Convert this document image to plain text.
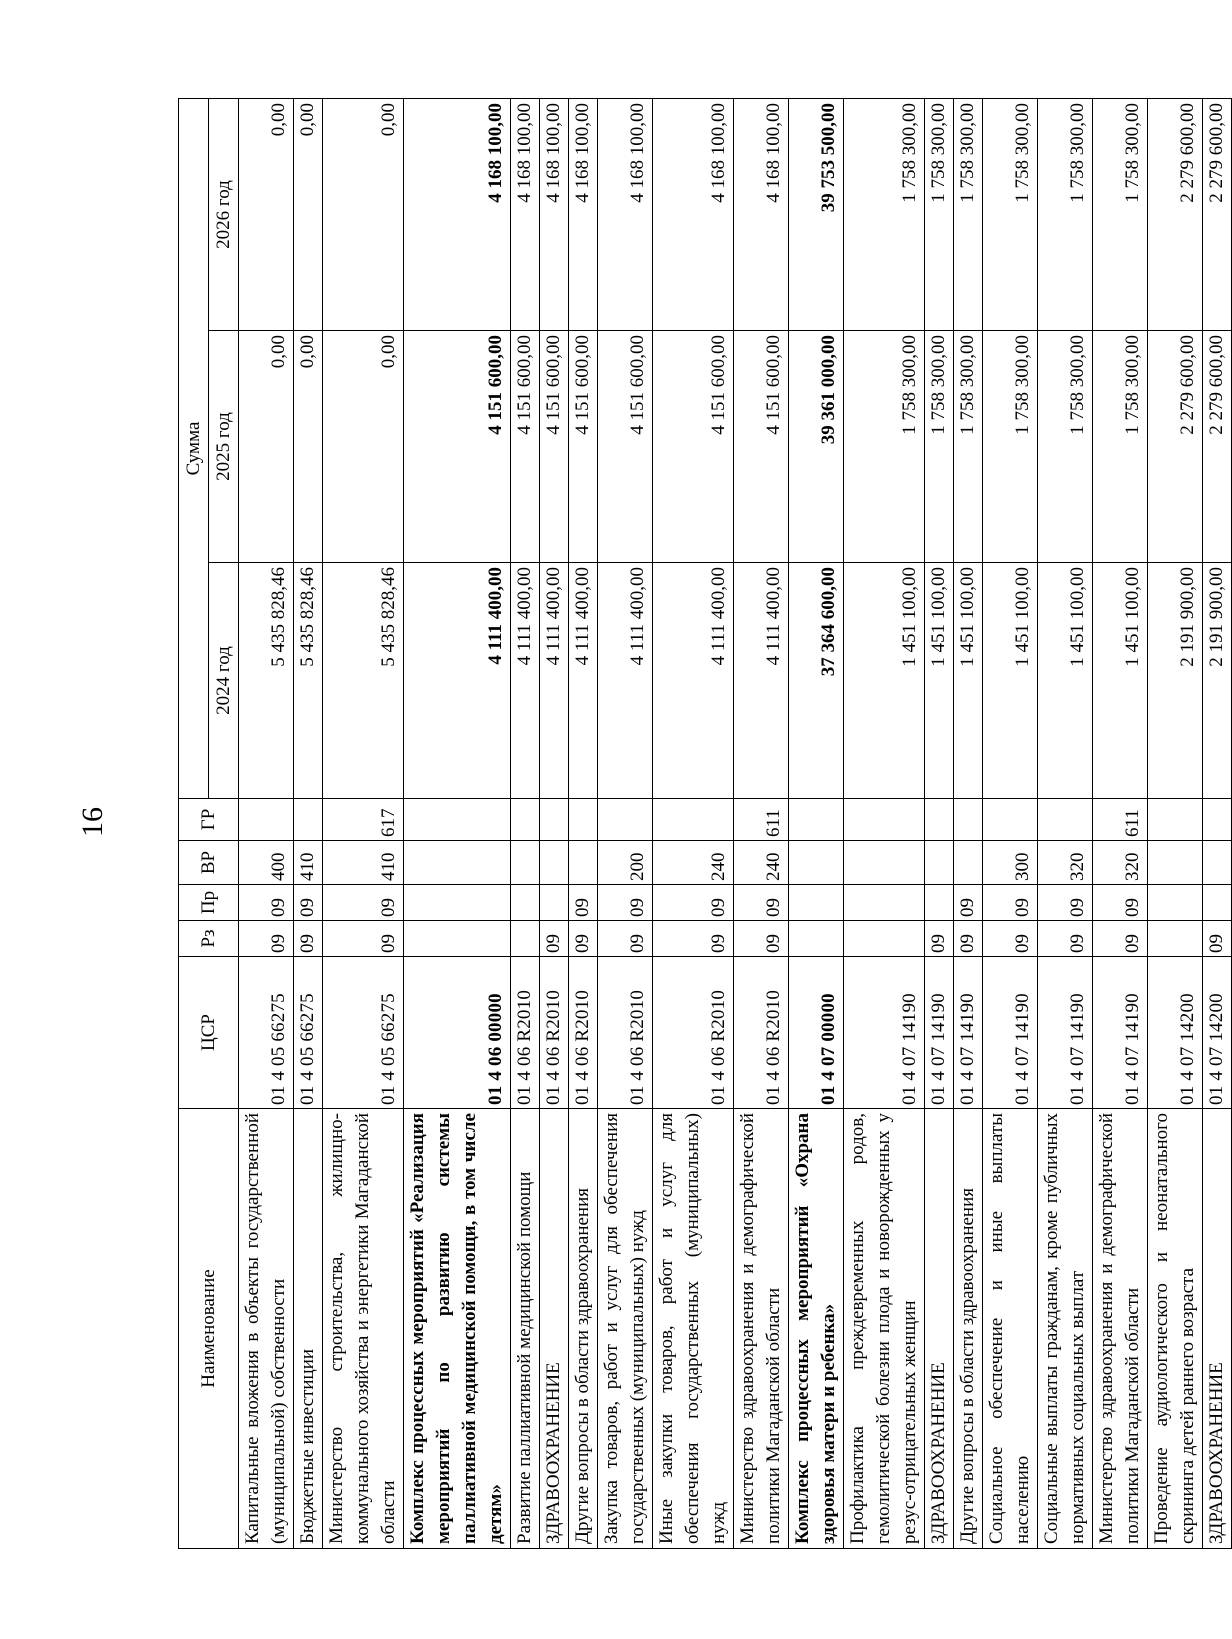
16
Наименование	ЦСР	Рз	Пр	ВР	ГР	Сумма		
						2024 год	2025 год	2026 год
Капитальные вложения в объекты государственной (муниципальной) собственности	01 4 05 66275	09	09	400		5 435 828,46	0,00	0,00
Бюджетные инвестиции	01 4 05 66275	09	09	410		5 435 828,46	0,00	0,00
Министерство строительства, жилищно-коммунального хозяйства и энергетики Магаданской области	01 4 05 66275	09	09	410	617	5 435 828,46	0,00	0,00
Комплекс процессных мероприятий «Реализация мероприятий по развитию системы паллиативной медицинской помощи, в том числе детям»	01 4 06 00000					4 111 400,00	4 151 600,00	4 168 100,00
Развитие паллиативной медицинской помощи	01 4 06 R2010					4 111 400,00	4 151 600,00	4 168 100,00
ЗДРАВООХРАНЕНИЕ	01 4 06 R2010	09				4 111 400,00	4 151 600,00	4 168 100,00
Другие вопросы в области здравоохранения	01 4 06 R2010	09	09			4 111 400,00	4 151 600,00	4 168 100,00
Закупка товаров, работ и услуг для обеспечения государственных (муниципальных) нужд	01 4 06 R2010	09	09	200		4 111 400,00	4 151 600,00	4 168 100,00
Иные закупки товаров, работ и услуг для обеспечения государственных (муниципальных) нужд	01 4 06 R2010	09	09	240		4 111 400,00	4 151 600,00	4 168 100,00
Министерство здравоохранения и демографической политики Магаданской области	01 4 06 R2010	09	09	240	611	4 111 400,00	4 151 600,00	4 168 100,00
Комплекс процессных мероприятий «Охрана здоровья матери и ребенка»	01 4 07 00000					37 364 600,00	39 361 000,00	39 753 500,00
Профилактика преждевременных родов, гемолитической болезни плода и новорожденных у резус-отрицательных женщин	01 4 07 14190					1 451 100,00	1 758 300,00	1 758 300,00
ЗДРАВООХРАНЕНИЕ	01 4 07 14190	09				1 451 100,00	1 758 300,00	1 758 300,00
Другие вопросы в области здравоохранения	01 4 07 14190	09	09			1 451 100,00	1 758 300,00	1 758 300,00
Социальное обеспечение и иные выплаты населению	01 4 07 14190	09	09	300		1 451 100,00	1 758 300,00	1 758 300,00
Социальные выплаты гражданам, кроме публичных нормативных социальных выплат	01 4 07 14190	09	09	320		1 451 100,00	1 758 300,00	1 758 300,00
Министерство здравоохранения и демографической политики Магаданской области	01 4 07 14190	09	09	320	611	1 451 100,00	1 758 300,00	1 758 300,00
Проведение аудиологического и неонатального скрининга детей раннего возраста	01 4 07 14200					2 191 900,00	2 279 600,00	2 279 600,00
ЗДРАВООХРАНЕНИЕ	01 4 07 14200	09				2 191 900,00	2 279 600,00	2 279 600,00
